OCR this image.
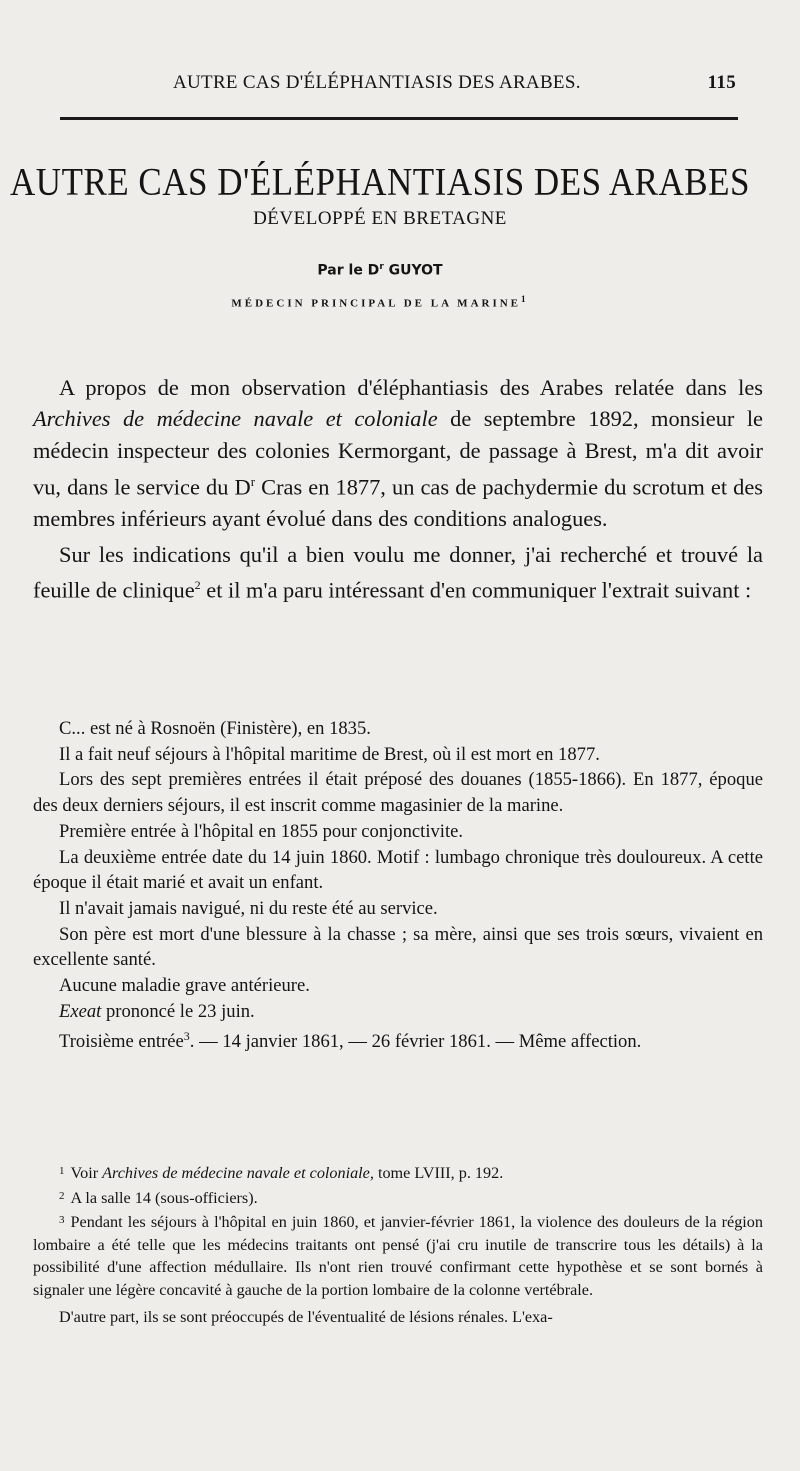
AUTRE CAS D'ÉLÉPHANTIASIS DES ARABES.	115
AUTRE CAS D'ÉLÉPHANTIASIS DES ARABES
DÉVELOPPÉ EN BRETAGNE
Par le $D^r$ GUYOT
MÉDECIN PRINCIPAL DE LA MARINE$^1$

A propos de mon observation d'éléphantiasis des Arabes relatée dans les Archives de médecine navale et coloniale de septembre 1892, monsieur le médecin inspecteur des colonies Kermorgant, de passage à Brest, m'a dit avoir vu, dans le service du $D^r$ Cras en 1877, un cas de pachydermie du scrotum et des membres inférieurs ayant évolué dans des conditions analogues.

Sur les indications qu'il a bien voulu me donner, j'ai recherché et trouvé la feuille de clinique$^2$ et il m'a paru intéressant d'en communiquer l'extrait suivant :

C... est né à Rosnoën (Finistère), en 1835.

Il a fait neuf séjours à l'hôpital maritime de Brest, où il est mort en 1877.

Lors des sept premières entrées il était préposé des douanes (1855-1866). En 1877, époque des deux derniers séjours, il est inscrit comme magasinier de la marine.

Première entrée à l'hôpital en 1855 pour conjonctivite.

La deuxième entrée date du 14 juin 1860. Motif : lumbago chronique très douloureux. A cette époque il était marié et avait un enfant.

Il n'avait jamais navigué, ni du reste été au service.

Son père est mort d'une blessure à la chasse ; sa mère, ainsi que ses trois sœurs, vivaient en excellente santé.

Aucune maladie grave antérieure.

Exeat prononcé le 23 juin.

Troisième entrée$^3$. — 14 janvier 1861, — 26 février 1861. — Même affection.

$^1$ Voir Archives de médecine navale et coloniale, tome LVIII, p. 192.

$^2$ A la salle 14 (sous-officiers).

$^3$ Pendant les séjours à l'hôpital en juin 1860, et janvier-février 1861, la violence des douleurs de la région lombaire a été telle que les médecins traitants ont pensé (j'ai cru inutile de transcrire tous les détails) à la possibilité d'une affection médullaire. Ils n'ont rien trouvé confirmant cette hypothèse et se sont bornés à signaler une légère concavité à gauche de la portion lombaire de la colonne vertébrale.

D'autre part, ils se sont préoccupés de l'éventualité de lésions rénales. L'exa-
